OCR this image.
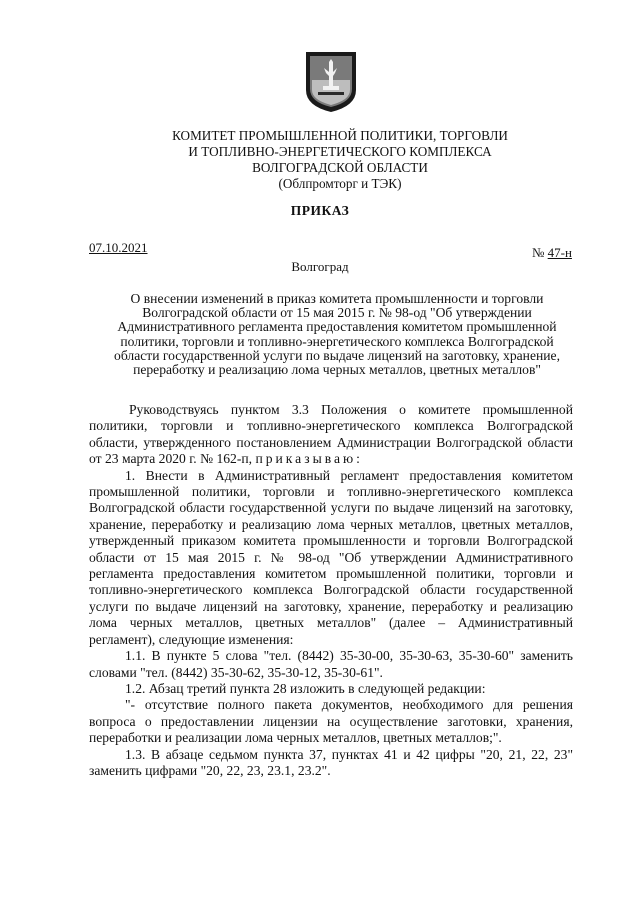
КОМИТЕТ ПРОМЫШЛЕННОЙ ПОЛИТИКИ, ТОРГОВЛИ
И ТОПЛИВНО-ЭНЕРГЕТИЧЕСКОГО КОМПЛЕКСА
ВОЛГОГРАДСКОЙ ОБЛАСТИ
(Облпромторг и ТЭК)
ПРИКАЗ
07.10.2021	№ 47-н
Волгоград
О внесении изменений в приказ комитета промышленности и торговли
Волгоградской области от 15 мая 2015 г. № 98-од "Об утверждении
Административного регламента предоставления комитетом промышленной
политики, торговли и топливно-энергетического комплекса Волгоградской
области государственной услуги по выдаче лицензий на заготовку, хранение,
переработку и реализацию лома черных металлов, цветных металлов"

Руководствуясь пунктом 3.3 Положения о комитете промышленной политики, торговли и топливно-энергетического комплекса Волгоградской области, утвержденного постановлением Администрации Волгоградской области от 23 марта 2020 г. № 162-п, приказываю:

1. Внести в Административный регламент предоставления комитетом промышленной политики, торговли и топливно-энергетического комплекса Волгоградской области государственной услуги по выдаче лицензий на заготовку, хранение, переработку и реализацию лома черных металлов, цветных металлов, утвержденный приказом комитета промышленности и торговли Волгоградской области от 15 мая 2015 г. № 98-од "Об утверждении Административного регламента предоставления комитетом промышленной политики, торговли и топливно-энергетического комплекса Волгоградской области государственной услуги по выдаче лицензий на заготовку, хранение, переработку и реализацию лома черных металлов, цветных металлов" (далее – Административный регламент), следующие изменения:

1.1. В пункте 5 слова "тел. (8442) 35-30-00, 35-30-63, 35-30-60" заменить словами "тел. (8442) 35-30-62, 35-30-12, 35-30-61".

1.2. Абзац третий пункта 28 изложить в следующей редакции:

"- отсутствие полного пакета документов, необходимого для решения вопроса о предоставлении лицензии на осуществление заготовки, хранения, переработки и реализации лома черных металлов, цветных металлов;".

1.3. В абзаце седьмом пункта 37, пунктах 41 и 42 цифры "20, 21, 22, 23" заменить цифрами "20, 22, 23, 23.1, 23.2".
